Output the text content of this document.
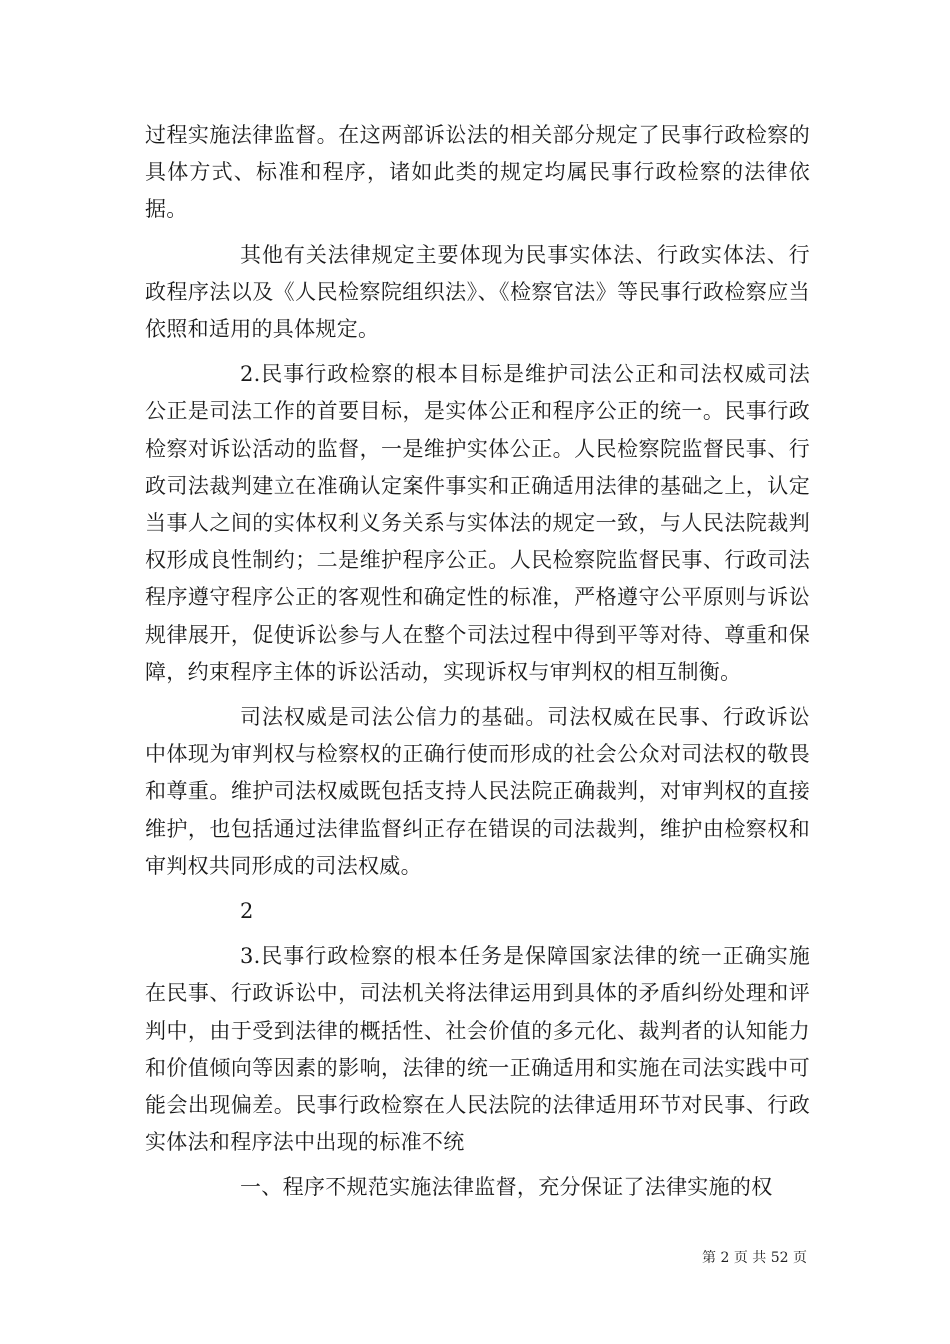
过程实施法律监督。在这两部诉讼法的相关部分规定了民事行政检察的具体方式、标准和程序，诸如此类的规定均属民事行政检察的法律依据。

其他有关法律规定主要体现为民事实体法、行政实体法、行政程序法以及《人民检察院组织法》、《检察官法》等民事行政检察应当依照和适用的具体规定。

2.民事行政检察的根本目标是维护司法公正和司法权威司法公正是司法工作的首要目标，是实体公正和程序公正的统一。民事行政检察对诉讼活动的监督，一是维护实体公正。人民检察院监督民事、行政司法裁判建立在准确认定案件事实和正确适用法律的基础之上，认定当事人之间的实体权利义务关系与实体法的规定一致，与人民法院裁判权形成良性制约；二是维护程序公正。人民检察院监督民事、行政司法程序遵守程序公正的客观性和确定性的标准，严格遵守公平原则与诉讼规律展开，促使诉讼参与人在整个司法过程中得到平等对待、尊重和保障，约束程序主体的诉讼活动，实现诉权与审判权的相互制衡。

司法权威是司法公信力的基础。司法权威在民事、行政诉讼中体现为审判权与检察权的正确行使而形成的社会公众对司法权的敬畏和尊重。维护司法权威既包括支持人民法院正确裁判，对审判权的直接维护，也包括通过法律监督纠正存在错误的司法裁判，维护由检察权和审判权共同形成的司法权威。

2

3.民事行政检察的根本任务是保障国家法律的统一正确实施在民事、行政诉讼中，司法机关将法律运用到具体的矛盾纠纷处理和评判中，由于受到法律的概括性、社会价值的多元化、裁判者的认知能力和价值倾向等因素的影响，法律的统一正确适用和实施在司法实践中可能会出现偏差。民事行政检察在人民法院的法律适用环节对民事、行政实体法和程序法中出现的标准不统

一、程序不规范实施法律监督，充分保证了法律实施的权

第 2 页 共 52 页
